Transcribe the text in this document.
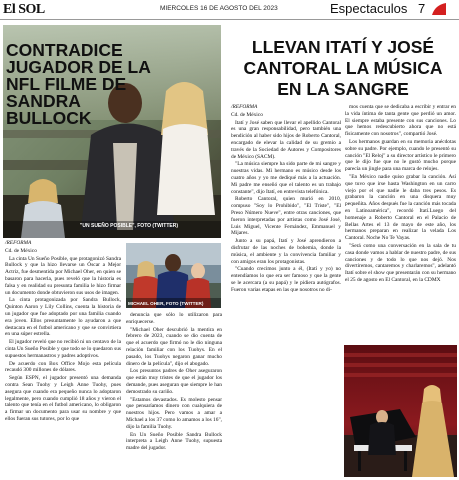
El SOL	MIERCOLES 16 DE AGOSTO DEL 2023	Espectaculos 7
CONTRADICE JUGADOR DE LA NFL FILME DE SANDRA BULLOCK
"UN SUEÑO POSIBLE", FOTO (TWITTER)
LLEVAN ITATÍ Y JOSÉ CANTORAL LA MÚSICA EN LA SANGRE

/REFORMA

Cd. de México

La cinta Un Sueño Posible, que protagonizó Sandra Bullock y que la hizo llevarse un Óscar a Mejor Actriz, fue desmentida por Michael Oher, en quien se basaron para hacerla, pues reveló que la historia es falsa y en realidad su presunta familia le hizo firmar un documento donde obtuvieron sus usos de imagen.

La cinta protagonizada por Sandra Bullock, Quinton Aaron y Lily Collins, cuenta la historia de un jugador que fue adoptado por una familia cuando era joven. Ellos presuntamente lo ayudaron a que destacara en el futbol americano y que se convirtiera en una súper estrella.

El jugador reveló que no recibió ni un centavo de la cinta Un Sueño Posible y que todo se lo quedaron sus supuestos hermanastros y padres adoptivos.

De acuerdo con Box Office Mojo esta película recaudó 300 millones de dólares.

Según ESPN, el jugador presentó una demanda contra Sean Tuohy y Leigh Anne Tuohy, pues asegura que cuando era pequeño nunca lo adoptaron legalmente, pero cuando cumplió 18 años y vieron el talento que tenía en el futbol americano, lo obligaron a firmar un documento para usar su nombre y que ellos fueran sus tutores, por lo que

MICHAEL OHER, FOTO (TWITTER)

denuncia que sólo lo utilizaron para enriquecerse.

"Michael Oher descubrió la mentira en febrero de 2023, cuando se dio cuenta de que el acuerdo que firmó no le dio ninguna relación familiar con los Tuohys. En el pasado, los Tuohys negaron ganar mucho dinero de la película", dijo el abogado.

Los presuntos padres de Oher aseguraron que están muy tristes de que el jugador los demande, pues aseguran que siempre le han demostrado su cariño.

"Estamos devastados. Es molesto pensar que pensaríamos dinero con cualquiera de nuestros hijos. Pero vamos a amar a Michael a los 37 como lo amamos a los 16", dijo la familia Tuohy.

En Un Sueño Posible Sandra Bullock interpreta a Leigh Anne Tuohy, supuesta madre del jugador.

/REFORMA

Cd. de México

Itatí y José saben que llevar el apellido Cantoral es una gran responsabilidad, pero también una bendición al haber sido hijos de Roberto Cantoral, encargado de elevar la calidad de su gremio a través de la Sociedad de Autores y Compositores de México (SACM).

"La música siempre ha sido parte de mi sangre y nuestras vidas. Mi hermano es músico desde los cuatro años y yo me dediqué más a la actuación. Mi padre me enseñó que el talento es un trabajo constante", dijo Itatí, en entrevista telefónica.

Roberto Cantoral, quien murió en 2010, compuso "Soy lo Prohibido", "El Triste", "El Preso Número Nueve", entre otras canciones, que fueron interpretadas por artistas como José José, Luis Miguel, Vicente Fernández, Emmanuel y Mijares.

Junto a su papá, Itatí y José aprendieron a disfrutar de las noches de bohemia, donde la música, el ambiente y la convivencia familiar y con amigos eran los protagonistas.

"Cuando crecimos junto a él, (Itatí y yo) no entendíamos lo que era ser famoso y que la gente se le acercara (a su papá) y le pidiera autógrafos. Fueron varias etapas en las que nosotros no di-

mos cuenta que se dedicaba a escribir y entrar en la vida íntima de tanta gente que perdió un amor. El siempre estaba presente con sus canciones. Lo que hemos redescubierto ahora que no está físicamente con nosotros", compartió José.

Los hermanos guardan en su memoria anécdotas sobre su padre. Por ejemplo, cuando le presentó su canción "El Reloj" a su director artístico le primero que le dijo fue que no le gustó mucho porque parecía un jingle para una marca de relojes.

"En México nadie quiso grabar la canción. Así que tuvo que irse hasta Washington en un carro viejo por el que nadie le daba tres pesos. Es grabaron la canción en una disquera muy pequeñita. Años después fue la canción más tocada en Latinoamérica", recordó Itatí.Luego del homenaje a Roberto Cantoral en el Palacio de Bellas Artes el 13 de mayo de este año, los hermanos preparan en realizar la velada Los Cantoral. Noche No Te Vayas.

"Será como una conversación en la sala de tu casa donde vamos a hablar de nuestro padre, de sus canciones y de todo lo que nos dejó. Nos divertiremos, cantaremos y charlaremos", adelantó Itatí sobre el show que presentarán con su hermano el 25 de agosto en El Cantoral, en la CDMX
